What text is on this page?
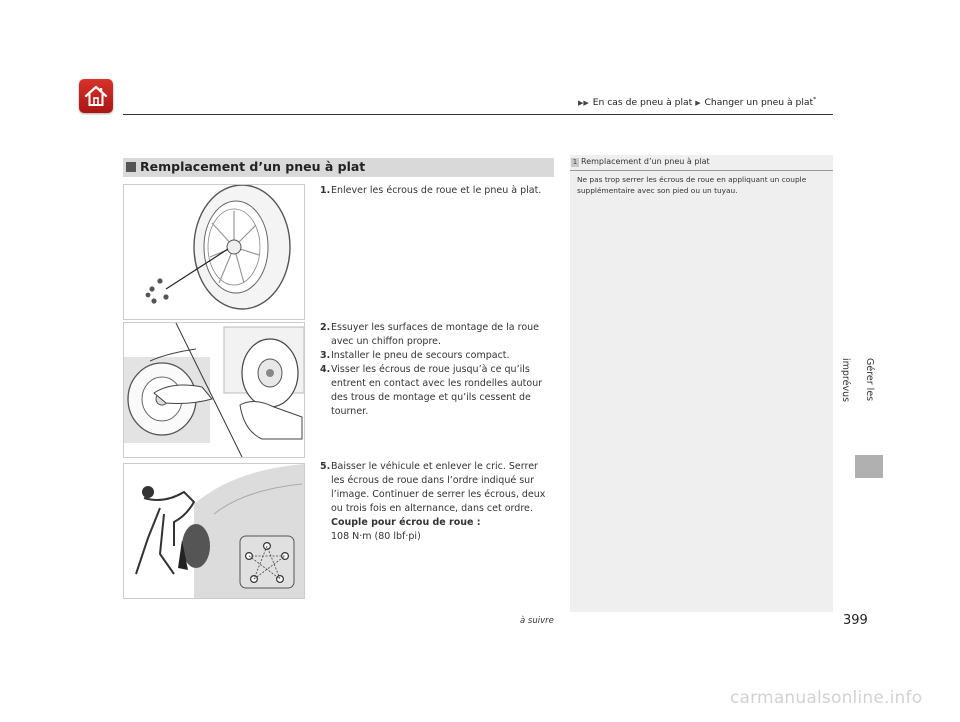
▶▶ En cas de pneu à plat ▶ Changer un pneu à plat*
Gérer les imprévus
Remplacement d’un pneu à plat
1.Enlever les écrous de roue et le pneu à plat.
2. Essuyer les surfaces de montage de la roue avec un chiffon propre.
3. Installer le pneu de secours compact.
4. Visser les écrous de roue jusqu’à ce qu’ils entrent en contact avec les rondelles autour des trous de montage et qu’ils cessent de tourner.
5. Baisser le véhicule et enlever le cric. Serrer les écrous de roue dans l’ordre indiqué sur l’image. Continuer de serrer les écrous, deux ou trois fois en alternance, dans cet ordre.
Couple pour écrou de roue :
108 N·m (80 lbf·pi)
1 Remplacement d’un pneu à plat
Ne pas trop serrer les écrous de roue en appliquant un couple supplémentaire avec son pied ou un tuyau.
à suivre	399
carmanualsonline.info
